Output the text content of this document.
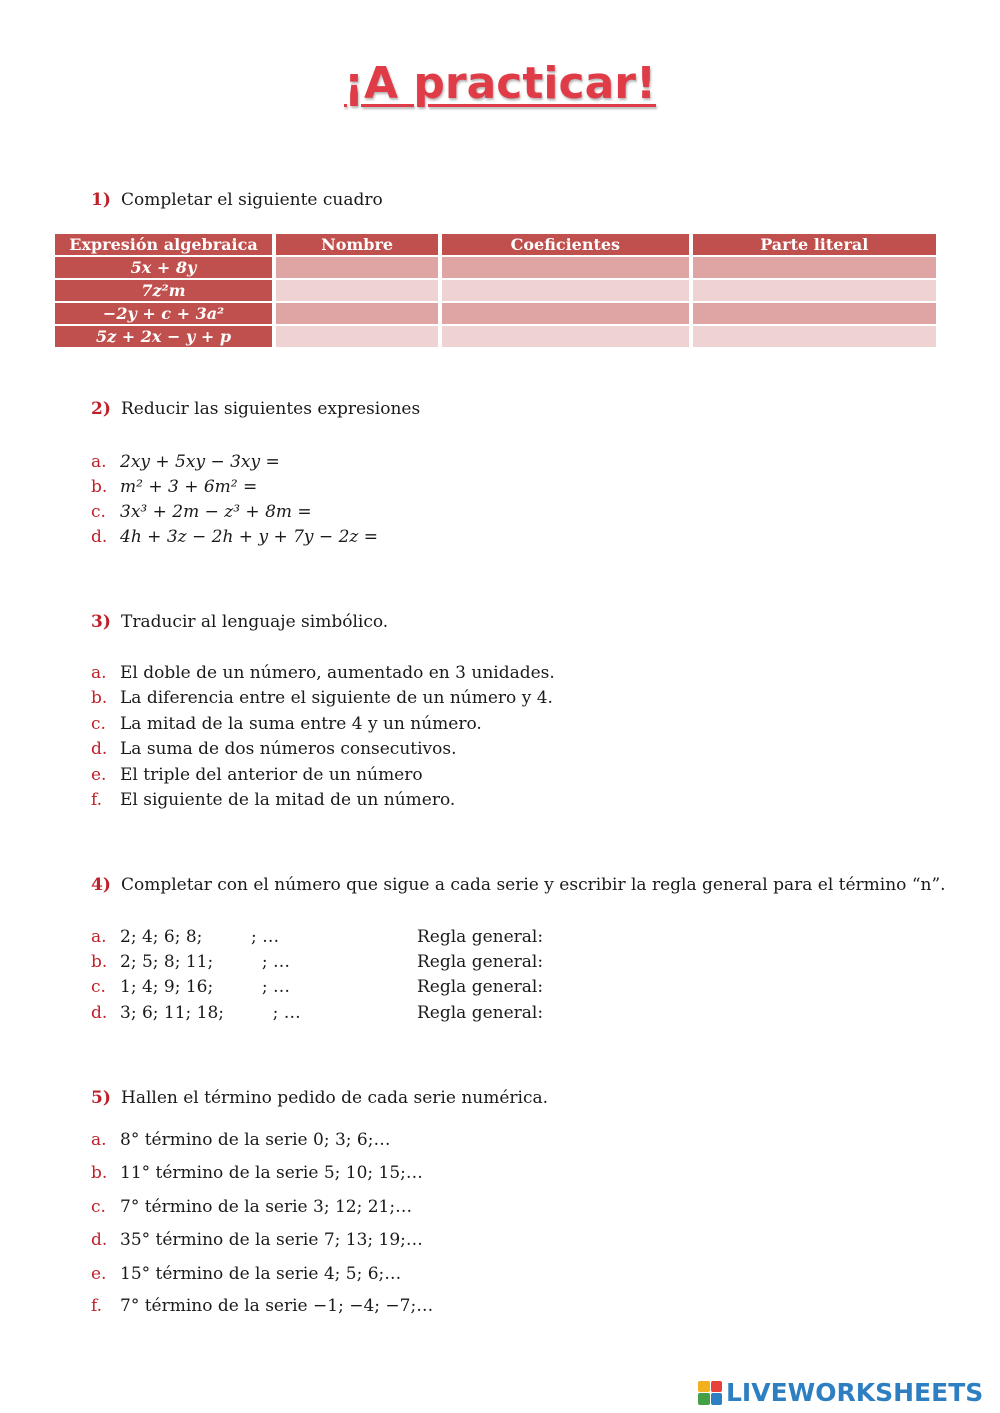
¡A practicar!
1) Completar el siguiente cuadro
Expresión algebraica	Nombre	Coeficientes	Parte literal
5x + 8y			
7z²m			
−2y + c + 3a²			
5z + 2x − y + p			
2) Reducir las siguientes expresiones
a. 2xy + 5xy − 3xy =
b. m² + 3 + 6m² =
c. 3x³ + 2m − z³ + 8m =
d. 4h + 3z − 2h + y + 7y − 2z =
3) Traducir al lenguaje simbólico.
a. El doble de un número, aumentado en 3 unidades.
b. La diferencia entre el siguiente de un número y 4.
c. La mitad de la suma entre 4 y un número.
d. La suma de dos números consecutivos.
e. El triple del anterior de un número
f. El siguiente de la mitad de un número.
4) Completar con el número que sigue a cada serie y escribir la regla general para el término “n”.
a. 2; 4; 6; 8;         ; …	Regla general:
b. 2; 5; 8; 11;         ; …	Regla general:
c. 1; 4; 9; 16;         ; …	Regla general:
d. 3; 6; 11; 18;         ; …	Regla general:
5) Hallen el término pedido de cada serie numérica.
a. 8° término de la serie 0; 3; 6;…
b. 11° término de la serie 5; 10; 15;…
c. 7° término de la serie 3; 12; 21;…
d. 35° término de la serie 7; 13; 19;…
e. 15° término de la serie 4; 5; 6;…
f. 7° término de la serie −1; −4; −7;…
LIVEWORKSHEETS
